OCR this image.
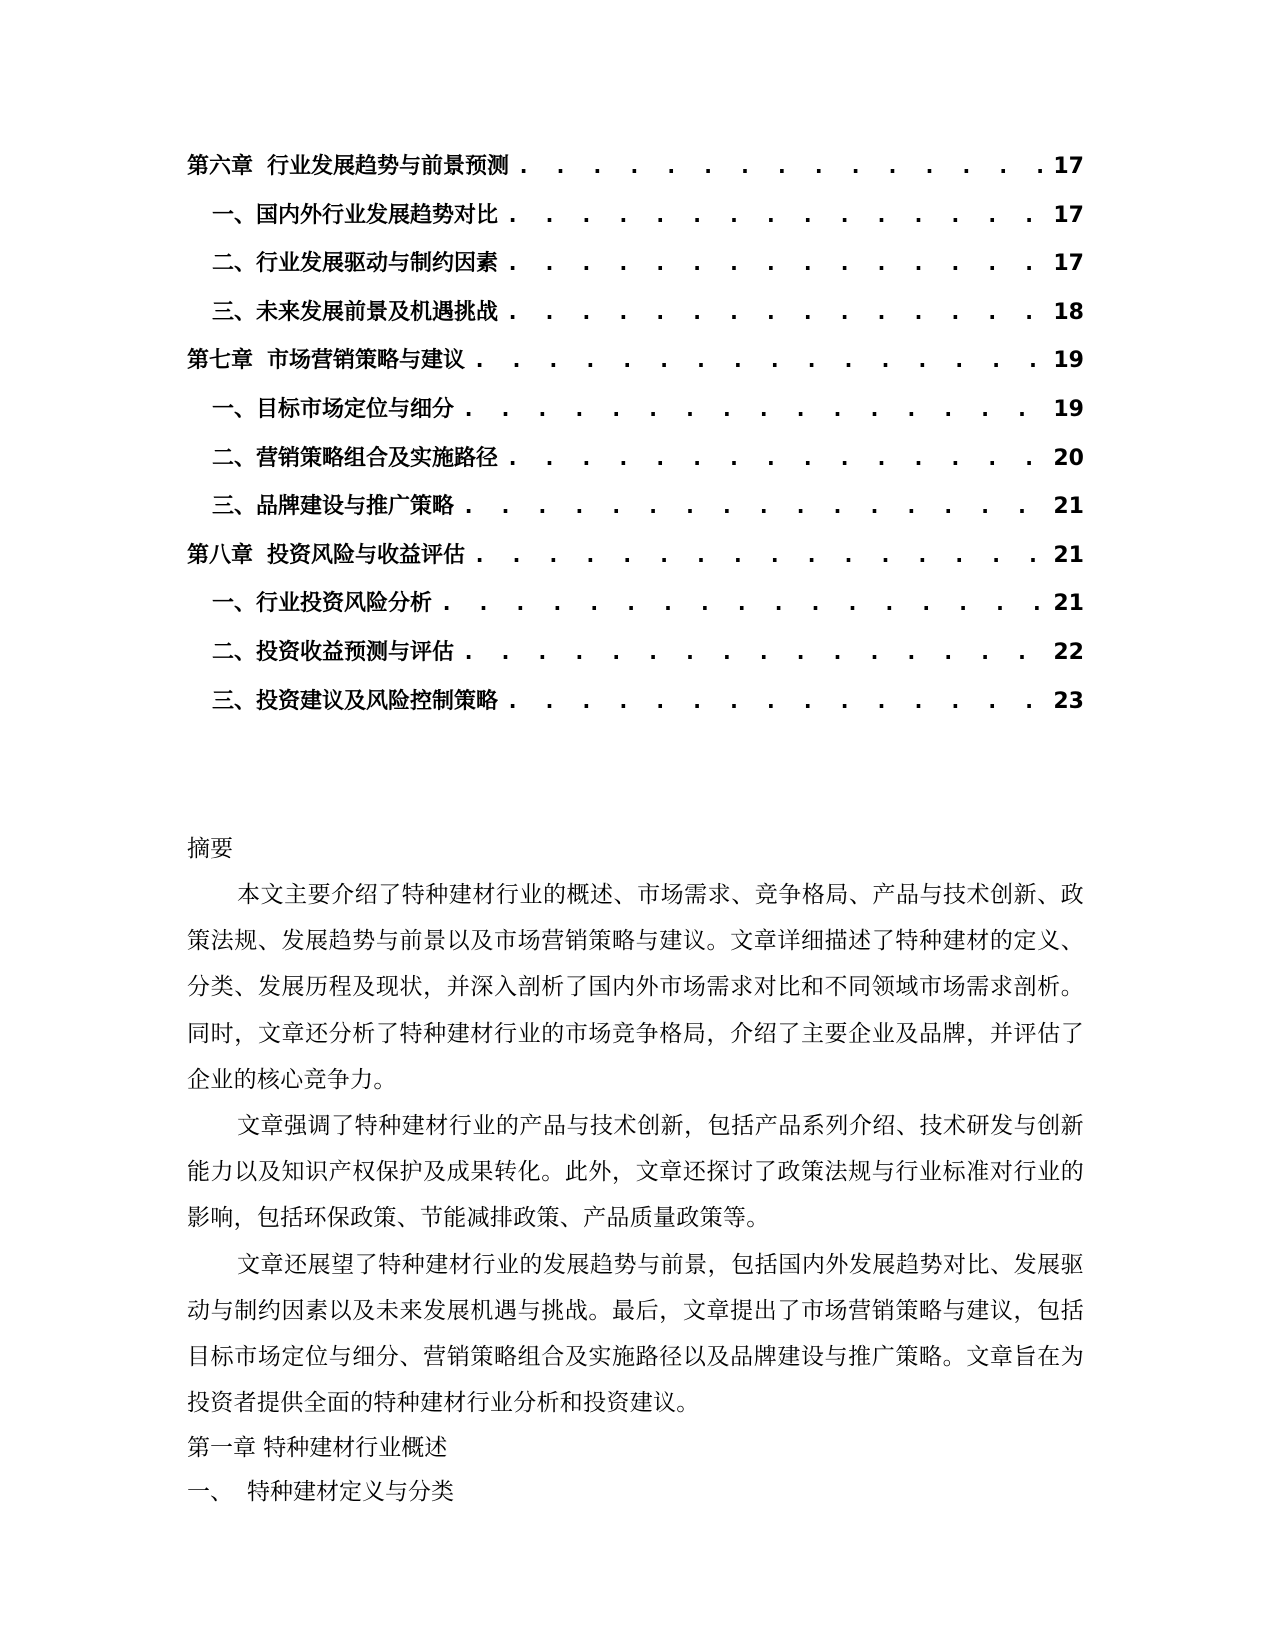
第六章 行业发展趋势与前景预测 . . .	17
一、 国内外行业发展趋势对比 . . .	17
二、 行业发展驱动与制约因素 . . .	17
三、 未来发展前景及机遇挑战 . . .	18
第七章 市场营销策略与建议 . . .	19
一、 目标市场定位与细分 . . .	19
二、 营销策略组合及实施路径 . . .	20
三、 品牌建设与推广策略 . . .	21
第八章 投资风险与收益评估 . . .	21
一、 行业投资风险分析 . . .	21
二、 投资收益预测与评估 . . .	22
三、 投资建议及风险控制策略 . . .	23
摘要

本文主要介绍了特种建材行业的概述、市场需求、竞争格局、产品与技术创新、政策法规、发展趋势与前景以及市场营销策略与建议。文章详细描述了特种建材的定义、分类、发展历程及现状，并深入剖析了国内外市场需求对比和不同领域市场需求剖析。同时，文章还分析了特种建材行业的市场竞争格局，介绍了主要企业及品牌，并评估了企业的核心竞争力。

文章强调了特种建材行业的产品与技术创新，包括产品系列介绍、技术研发与创新能力以及知识产权保护及成果转化。此外，文章还探讨了政策法规与行业标准对行业的影响，包括环保政策、节能减排政策、产品质量政策等。

文章还展望了特种建材行业的发展趋势与前景，包括国内外发展趋势对比、发展驱动与制约因素以及未来发展机遇与挑战。最后，文章提出了市场营销策略与建议，包括目标市场定位与细分、营销策略组合及实施路径以及品牌建设与推广策略。文章旨在为投资者提供全面的特种建材行业分析和投资建议。

第一章 特种建材行业概述
一、 特种建材定义与分类
